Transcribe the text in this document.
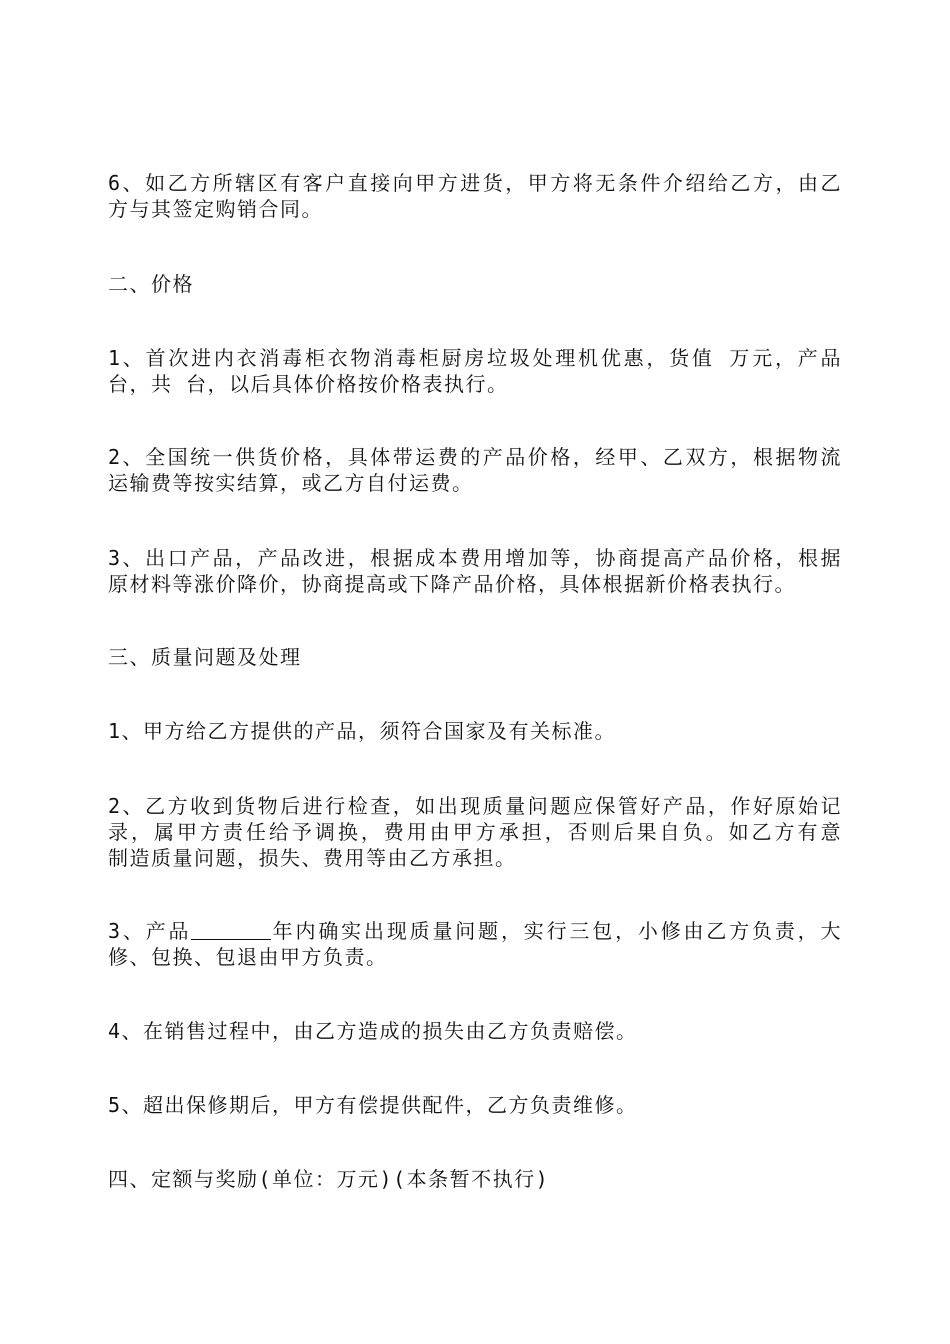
6、如乙方所辖区有客户直接向甲方进货，甲方将无条件介绍给乙方，由乙
方与其签定购销合同。
二、价格
1、首次进内衣消毒柜衣物消毒柜厨房垃圾处理机优惠，货值 万元，产品
台，共 台，以后具体价格按价格表执行。
2、全国统一供货价格，具体带运费的产品价格，经甲、乙双方，根据物流
运输费等按实结算，或乙方自付运费。
3、出口产品，产品改进，根据成本费用增加等，协商提高产品价格，根据
原材料等涨价降价，协商提高或下降产品价格，具体根据新价格表执行。
三、质量问题及处理
1、甲方给乙方提供的产品，须符合国家及有关标准。
2、乙方收到货物后进行检查，如出现质量问题应保管好产品，作好原始记
录，属甲方责任给予调换，费用由甲方承担，否则后果自负。如乙方有意
制造质量问题，损失、费用等由乙方承担。
3、产品	年内确实出现质量问题，实行三包，小修由乙方负责，大
修、包换、包退由甲方负责。
4、在销售过程中，由乙方造成的损失由乙方负责赔偿。
5、超出保修期后，甲方有偿提供配件，乙方负责维修。
四、定额与奖励(单位：万元)(本条暂不执行)
